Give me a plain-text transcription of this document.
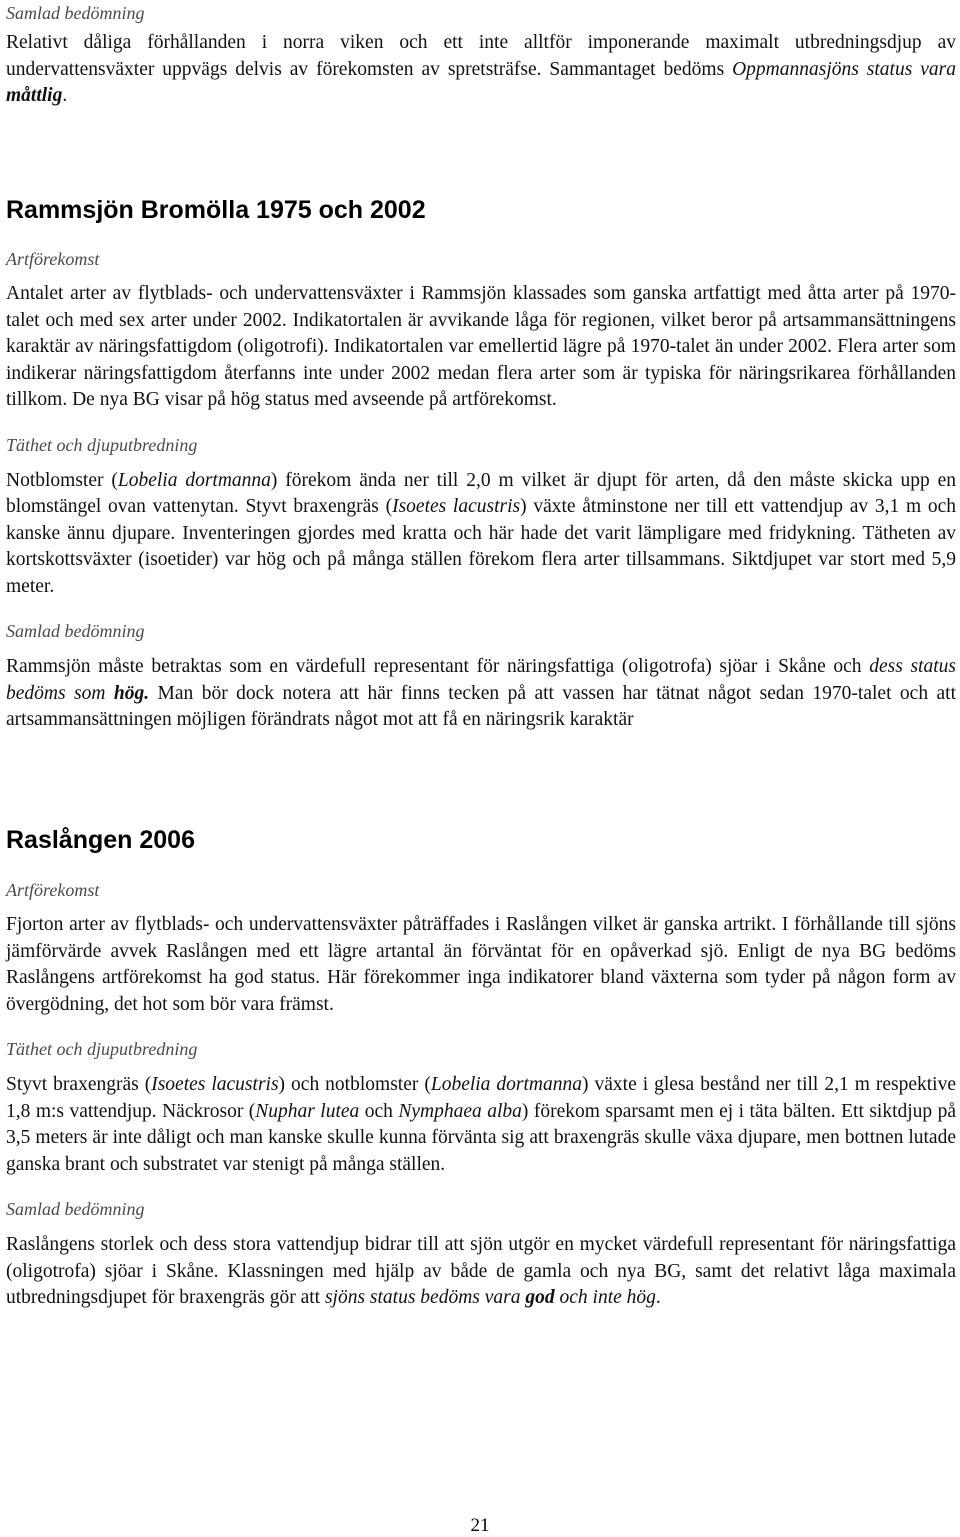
Samlad bedömning

Relativt dåliga förhållanden i norra viken och ett inte alltför imponerande maximalt utbredningsdjup av undervattensväxter uppvägs delvis av förekomsten av spretsträfse. Sammantaget bedöms Oppmannasjöns status vara måttlig.

Rammsjön Bromölla 1975 och 2002

Artförekomst

Antalet arter av flytblads- och undervattensväxter i Rammsjön klassades som ganska artfattigt med åtta arter på 1970-talet och med sex arter under 2002. Indikatortalen är avvikande låga för regionen, vilket beror på artsammansättningens karaktär av näringsfattigdom (oligotrofi). Indikatortalen var emellertid lägre på 1970-talet än under 2002. Flera arter som indikerar näringsfattigdom återfanns inte under 2002 medan flera arter som är typiska för näringsrikarea förhållanden tillkom. De nya BG visar på hög status med avseende på artförekomst.

Täthet och djuputbredning

Notblomster (Lobelia dortmanna) förekom ända ner till 2,0 m vilket är djupt för arten, då den måste skicka upp en blomstängel ovan vattenytan. Styvt braxengräs (Isoetes lacustris) växte åtminstone ner till ett vattendjup av 3,1 m och kanske ännu djupare. Inventeringen gjordes med kratta och här hade det varit lämpligare med fridykning. Tätheten av kortskottsväxter (isoetider) var hög och på många ställen förekom flera arter tillsammans. Siktdjupet var stort med 5,9 meter.

Samlad bedömning

Rammsjön måste betraktas som en värdefull representant för näringsfattiga (oligotrofa) sjöar i Skåne och dess status bedöms som hög. Man bör dock notera att här finns tecken på att vassen har tätnat något sedan 1970-talet och att artsammansättningen möjligen förändrats något mot att få en näringsrik karaktär

Raslången 2006

Artförekomst

Fjorton arter av flytblads- och undervattensväxter påträffades i Raslången vilket är ganska artrikt. I förhållande till sjöns jämförvärde avvek Raslången med ett lägre artantal än förväntat för en opåverkad sjö. Enligt de nya BG bedöms Raslångens artförekomst ha god status. Här förekommer inga indikatorer bland växterna som tyder på någon form av övergödning, det hot som bör vara främst.

Täthet och djuputbredning

Styvt braxengräs (Isoetes lacustris) och notblomster (Lobelia dortmanna) växte i glesa bestånd ner till 2,1 m respektive 1,8 m:s vattendjup. Näckrosor (Nuphar lutea och Nymphaea alba) förekom sparsamt men ej i täta bälten. Ett siktdjup på 3,5 meters är inte dåligt och man kanske skulle kunna förvänta sig att braxengräs skulle växa djupare, men bottnen lutade ganska brant och substratet var stenigt på många ställen.

Samlad bedömning

Raslångens storlek och dess stora vattendjup bidrar till att sjön utgör en mycket värdefull representant för näringsfattiga (oligotrofa) sjöar i Skåne. Klassningen med hjälp av både de gamla och nya BG, samt det relativt låga maximala utbredningsdjupet för braxengräs gör att sjöns status bedöms vara god och inte hög.

21
